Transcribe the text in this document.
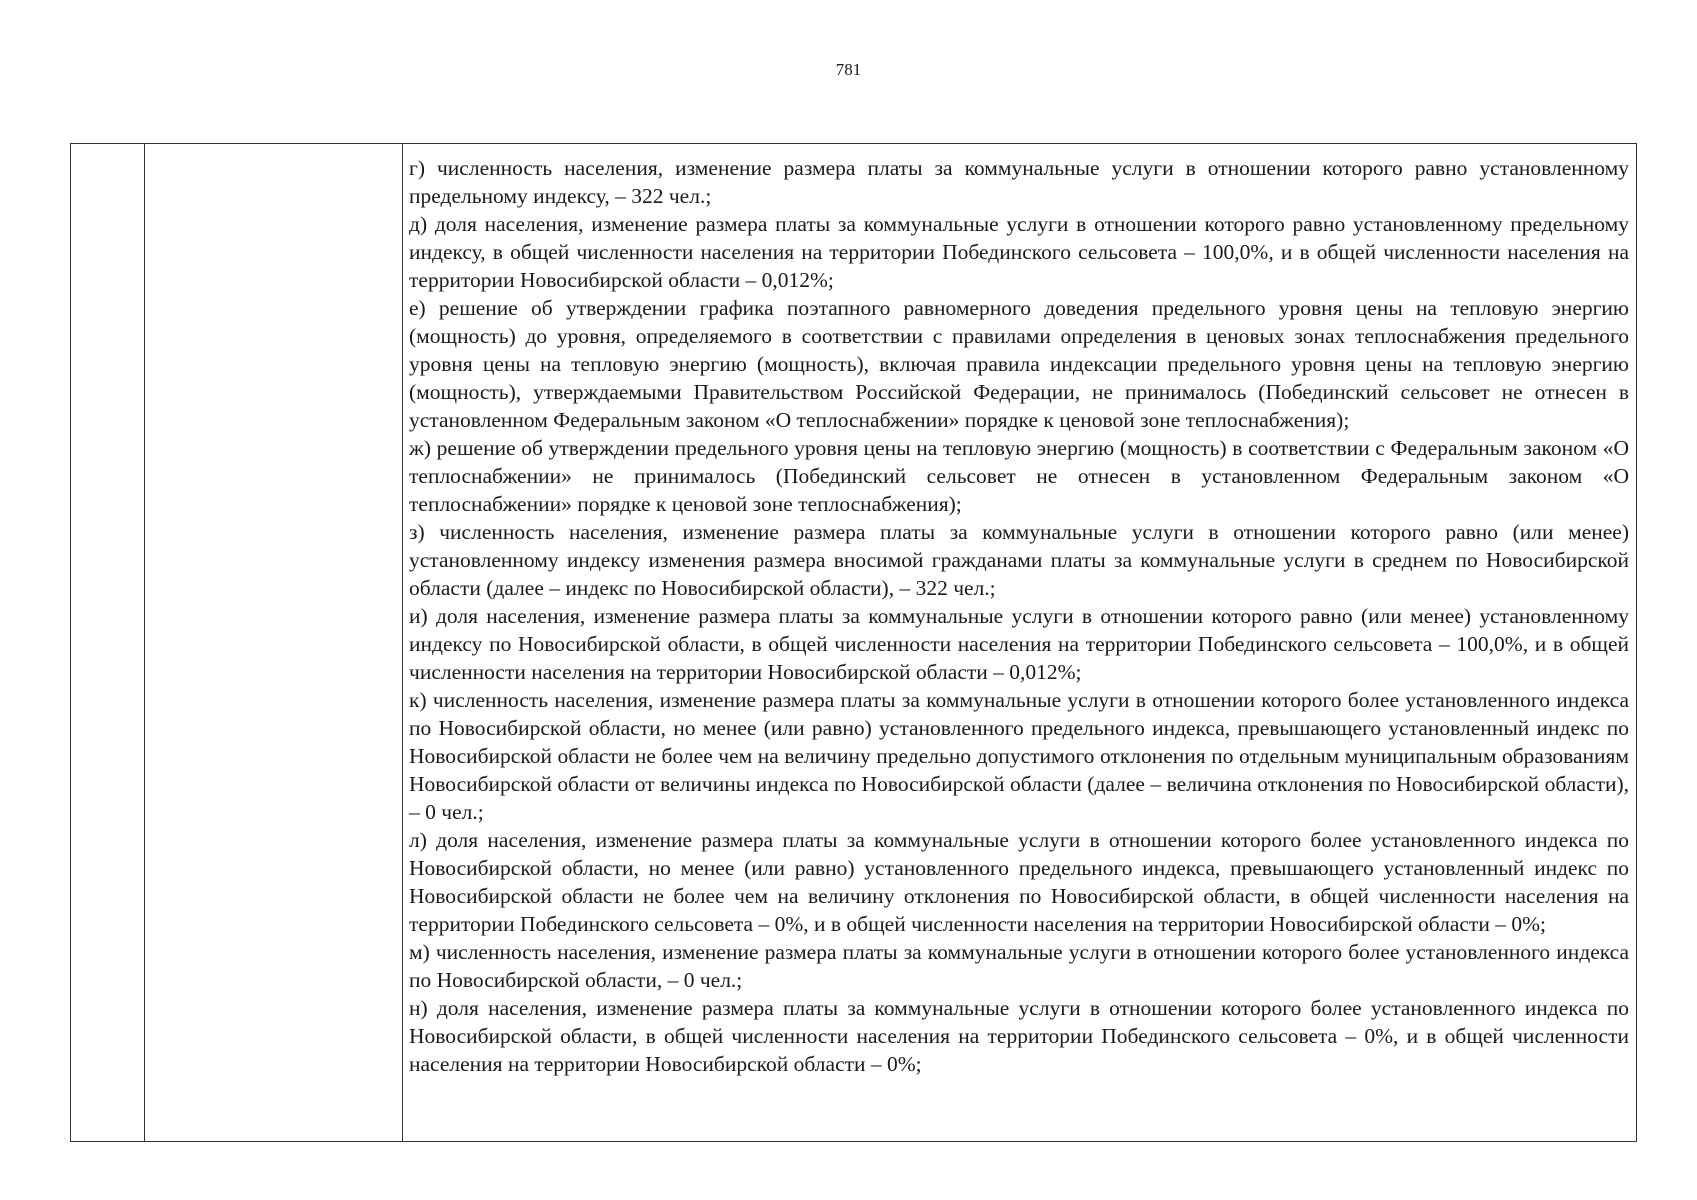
781

г) численность населения, изменение размера платы за коммунальные услуги в отношении которого равно установленному предельному индексу, – 322 чел.;

д) доля населения, изменение размера платы за коммунальные услуги в отношении которого равно установленному предельному индексу, в общей численности населения на территории Побединского сельсовета – 100,0%, и в общей численности населения на территории Новосибирской области – 0,012%;

е) решение об утверждении графика поэтапного равномерного доведения предельного уровня цены на тепловую энергию (мощность) до уровня, определяемого в соответствии с правилами определения в ценовых зонах теплоснабжения предельного уровня цены на тепловую энергию (мощность), включая правила индексации предельного уровня цены на тепловую энергию (мощность), утверждаемыми Правительством Российской Федерации, не принималось (Побединский сельсовет не отнесен в установленном Федеральным законом «О теплоснабжении» порядке к ценовой зоне теплоснабжения);

ж) решение об утверждении предельного уровня цены на тепловую энергию (мощность) в соответствии с Федеральным законом «О теплоснабжении» не принималось (Побединский сельсовет не отнесен в установленном Федеральным законом «О теплоснабжении» порядке к ценовой зоне теплоснабжения);

з) численность населения, изменение размера платы за коммунальные услуги в отношении которого равно (или менее) установленному индексу изменения размера вносимой гражданами платы за коммунальные услуги в среднем по Новосибирской области (далее – индекс по Новосибирской области), – 322 чел.;

и) доля населения, изменение размера платы за коммунальные услуги в отношении которого равно (или менее) установленному индексу по Новосибирской области, в общей численности населения на территории Побединского сельсовета – 100,0%, и в общей численности населения на территории Новосибирской области – 0,012%;

к) численность населения, изменение размера платы за коммунальные услуги в отношении которого более установленного индекса по Новосибирской области, но менее (или равно) установленного предельного индекса, превышающего установленный индекс по Новосибирской области не более чем на величину предельно допустимого отклонения по отдельным муниципальным образованиям Новосибирской области от величины индекса по Новосибирской области (далее – величина отклонения по Новосибирской области), – 0 чел.;

л) доля населения, изменение размера платы за коммунальные услуги в отношении которого более установленного индекса по Новосибирской области, но менее (или равно) установленного предельного индекса, превышающего установленный индекс по Новосибирской области не более чем на величину отклонения по Новосибирской области, в общей численности населения на территории Побединского сельсовета – 0%, и в общей численности населения на территории Новосибирской области – 0%;

м) численность населения, изменение размера платы за коммунальные услуги в отношении которого более установленного индекса по Новосибирской области, – 0 чел.;

н) доля населения, изменение размера платы за коммунальные услуги в отношении которого более установленного индекса по Новосибирской области, в общей численности населения на территории Побединского сельсовета – 0%, и в общей численности населения на территории Новосибирской области – 0%;
